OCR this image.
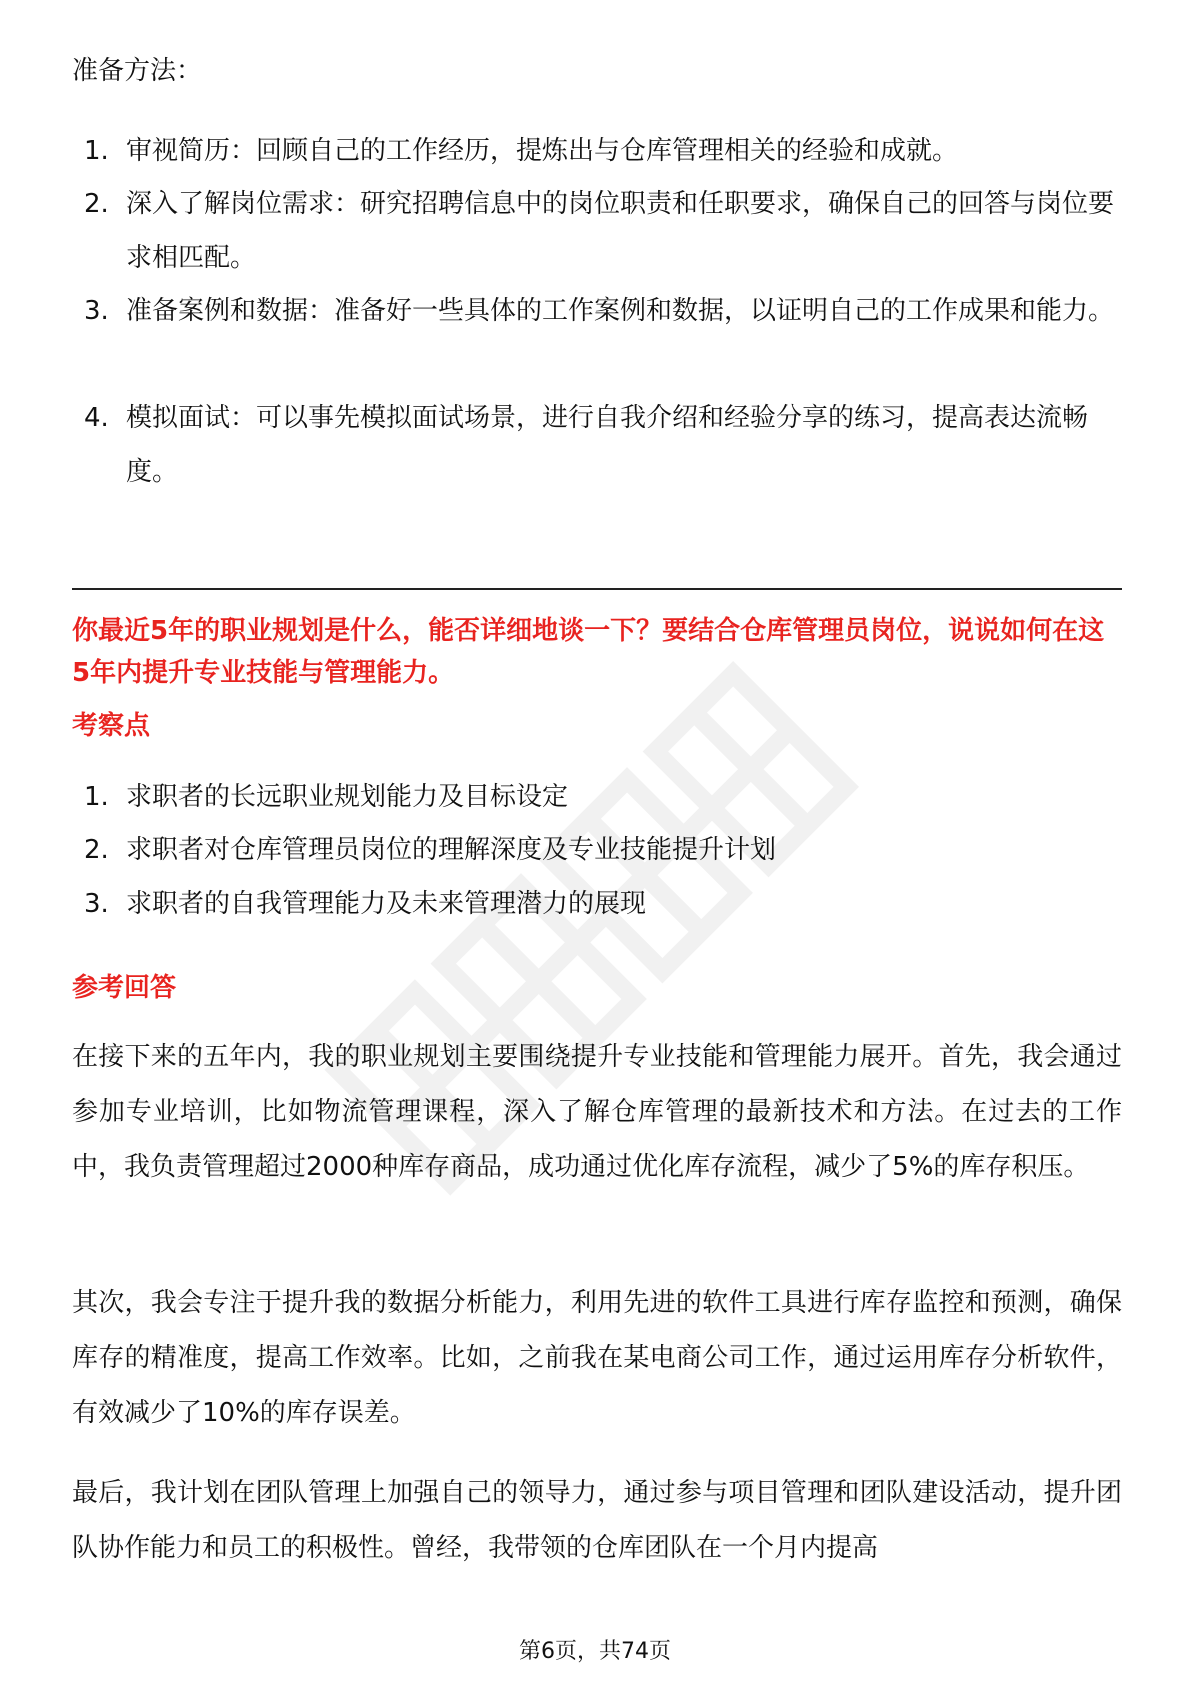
准备方法：

1. 审视简历：回顾自己的工作经历，提炼出与仓库管理相关的经验和成就。
2. 深入了解岗位需求：研究招聘信息中的岗位职责和任职要求，确保自己的回答与岗位要求相匹配。
3. 准备案例和数据：准备好一些具体的工作案例和数据，以证明自己的工作成果和能力。
4. 模拟面试：可以事先模拟面试场景，进行自我介绍和经验分享的练习，提高表达流畅度。

你最近5年的职业规划是什么，能否详细地谈一下？要结合仓库管理员岗位，说说如何在这5年内提升专业技能与管理能力。

考察点

1. 求职者的长远职业规划能力及目标设定
2. 求职者对仓库管理员岗位的理解深度及专业技能提升计划
3. 求职者的自我管理能力及未来管理潜力的展现

参考回答

在接下来的五年内，我的职业规划主要围绕提升专业技能和管理能力展开。首先，我会通过参加专业培训，比如物流管理课程，深入了解仓库管理的最新技术和方法。在过去的工作中，我负责管理超过2000种库存商品，成功通过优化库存流程，减少了5%的库存积压。

其次，我会专注于提升我的数据分析能力，利用先进的软件工具进行库存监控和预测，确保库存的精准度，提高工作效率。比如，之前我在某电商公司工作，通过运用库存分析软件，有效减少了10%的库存误差。

最后，我计划在团队管理上加强自己的领导力，通过参与项目管理和团队建设活动，提升团队协作能力和员工的积极性。曾经，我带领的仓库团队在一个月内提高

第6页，共74页
